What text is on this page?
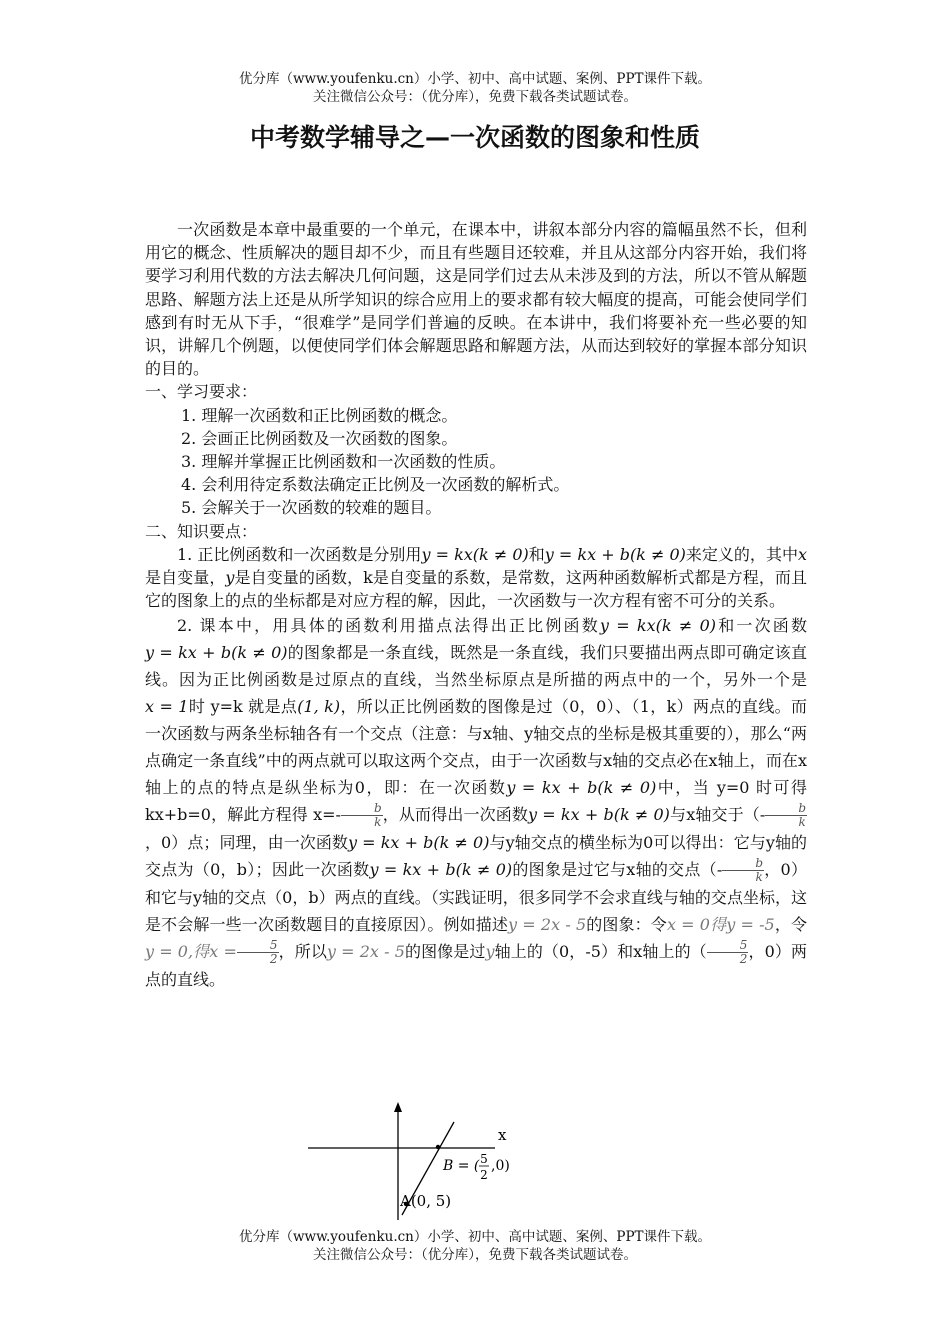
优分库（www.youfenku.cn）小学、初中、高中试题、案例、PPT课件下载。
关注微信公众号：（优分库），免费下载各类试题试卷。
中考数学辅导之—一次函数的图象和性质

一次函数是本章中最重要的一个单元，在课本中，讲叙本部分内容的篇幅虽然不长，但利用它的概念、性质解决的题目却不少，而且有些题目还较难，并且从这部分内容开始，我们将要学习利用代数的方法去解决几何问题，这是同学们过去从未涉及到的方法，所以不管从解题思路、解题方法上还是从所学知识的综合应用上的要求都有较大幅度的提高，可能会使同学们感到有时无从下手，“很难学”是同学们普遍的反映。在本讲中，我们将要补充一些必要的知识，讲解几个例题，以便使同学们体会解题思路和解题方法，从而达到较好的掌握本部分知识的目的。

一、学习要求：

1. 理解一次函数和正比例函数的概念。

2. 会画正比例函数及一次函数的图象。

3. 理解并掌握正比例函数和一次函数的性质。

4. 会利用待定系数法确定正比例及一次函数的解析式。

5. 会解关于一次函数的较难的题目。

二、知识要点：

1. 正比例函数和一次函数是分别用y = kx(k ≠ 0)和y = kx + b(k ≠ 0)来定义的，其中x是自变量，y是自变量的函数，k是自变量的系数，是常数，这两种函数解析式都是方程，而且它的图象上的点的坐标都是对应方程的解，因此，一次函数与一次方程有密不可分的关系。

2. 课本中，用具体的函数利用描点法得出正比例函数y = kx(k ≠ 0)和一次函数y = kx + b(k ≠ 0)的图象都是一条直线，既然是一条直线，我们只要描出两点即可确定该直线。因为正比例函数是过原点的直线，当然坐标原点是所描的两点中的一个，另外一个是x = 1时 y=k 就是点(1, k)，所以正比例函数的图像是过（0，0）、（1，k）两点的直线。而一次函数与两条坐标轴各有一个交点（注意：与x轴、y轴交点的坐标是极其重要的），那么“两点确定一条直线”中的两点就可以取这两个交点，由于一次函数与x轴的交点必在x轴上，而在x轴上的点的特点是纵坐标为0，即：在一次函数y = kx + b(k ≠ 0)中，当 y=0 时可得 kx+b=0，解此方程得 $x=- \frac{b}{k}$ ，从而得出一次函数y = kx + b(k ≠ 0)与x轴交于（- $\frac{b}{k}$
，0）点；同理，由一次函数y = kx + b(k ≠ 0)与y轴交点的横坐标为0可以得出：它与y轴的交点为（0，b）；因此一次函数y = kx + b(k ≠ 0)的图象是过它与x轴的交点（- $\frac{b}{k}$ ，0）和它与y轴的交点（0，b）两点的直线。（实践证明，很多同学不会求直线与轴的交点坐标，这是不会解一些一次函数题目的直接原因）。例如描述y = 2x - 5的图象：令x = 0得y = -5，令y = 0,得$x = \frac{5}{2}$ ，所以y = 2x - 5的图像是过y轴上的（0，-5）和x轴上的（ $\frac{5}{2}$ ，0）两点的直线。

x
B = ( 5
2
,0)
A(0, 5)
优分库（www.youfenku.cn）小学、初中、高中试题、案例、PPT课件下载。
关注微信公众号：（优分库），免费下载各类试题试卷。
